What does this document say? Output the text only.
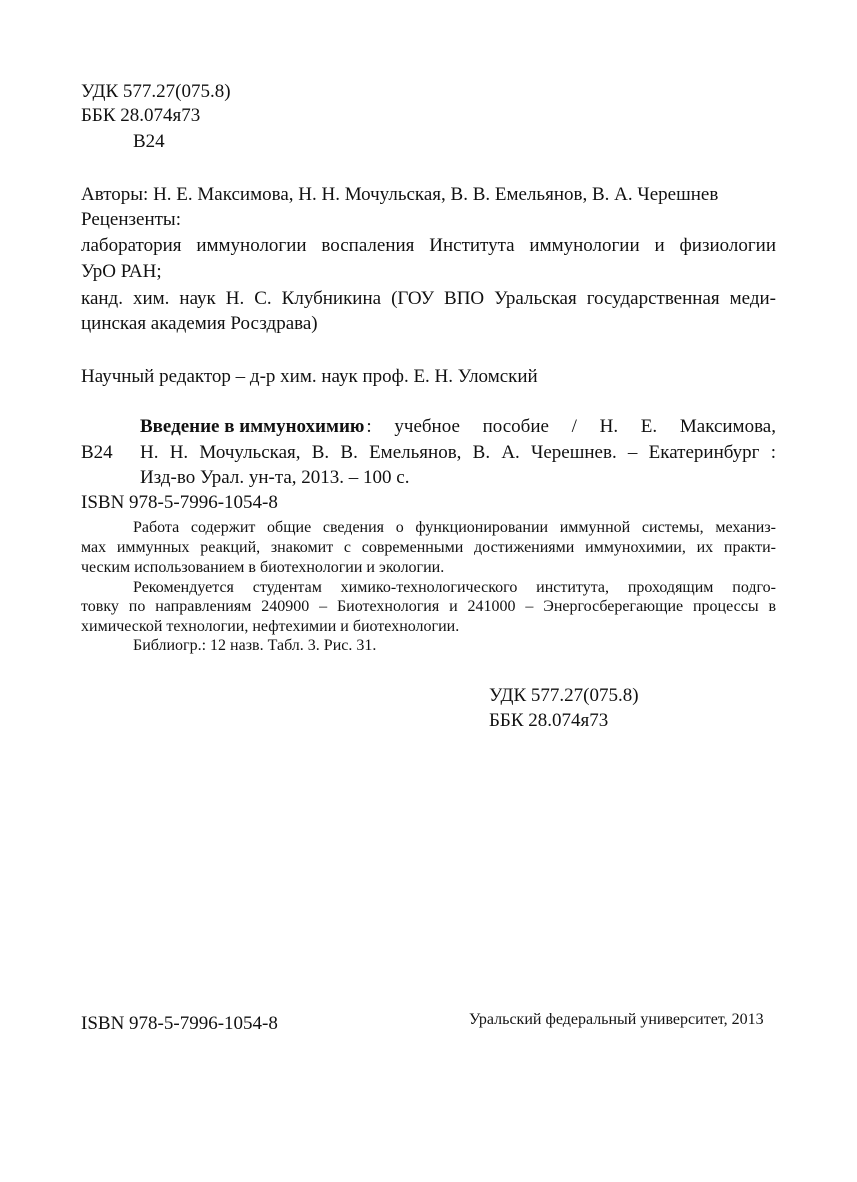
УДК 577.27(075.8)
ББК 28.074я73
В24
Авторы: Н. Е. Максимова, Н. Н. Мочульская, В. В. Емельянов, В. А. Черешнев
Рецензенты:
лаборатория иммунологии воспаления Института иммунологии и физиологии
УрО РАН;
канд. хим. наук Н. С. Клубникина (ГОУ ВПО Уральская государственная меди-
цинская академия Росздрава)
Научный редактор – д-р хим. наук проф. Е. Н. Уломский
Введение в иммунохимию : учебное пособие / Н. Е. Максимова,
В24 Н. Н. Мочульская, В. В. Емельянов, В. А. Черешнев. – Екатеринбург :
Изд-во Урал. ун-та, 2013. – 100 с.
ISBN 978-5-7996-1054-8
Работа содержит общие сведения о функционировании иммунной системы, механиз-
мах иммунных реакций, знакомит с современными достижениями иммунохимии, их практи-
ческим использованием в биотехнологии и экологии.
Рекомендуется студентам химико-технологического института, проходящим подго-
товку по направлениям 240900 – Биотехнология и 241000 – Энергосберегающие процессы в
химической технологии, нефтехимии и биотехнологии.
Библиогр.: 12 назв. Табл. 3. Рис. 31.
УДК 577.27(075.8)
ББК 28.074я73
ISBN 978-5-7996-1054-8	Уральский федеральный университет, 2013
